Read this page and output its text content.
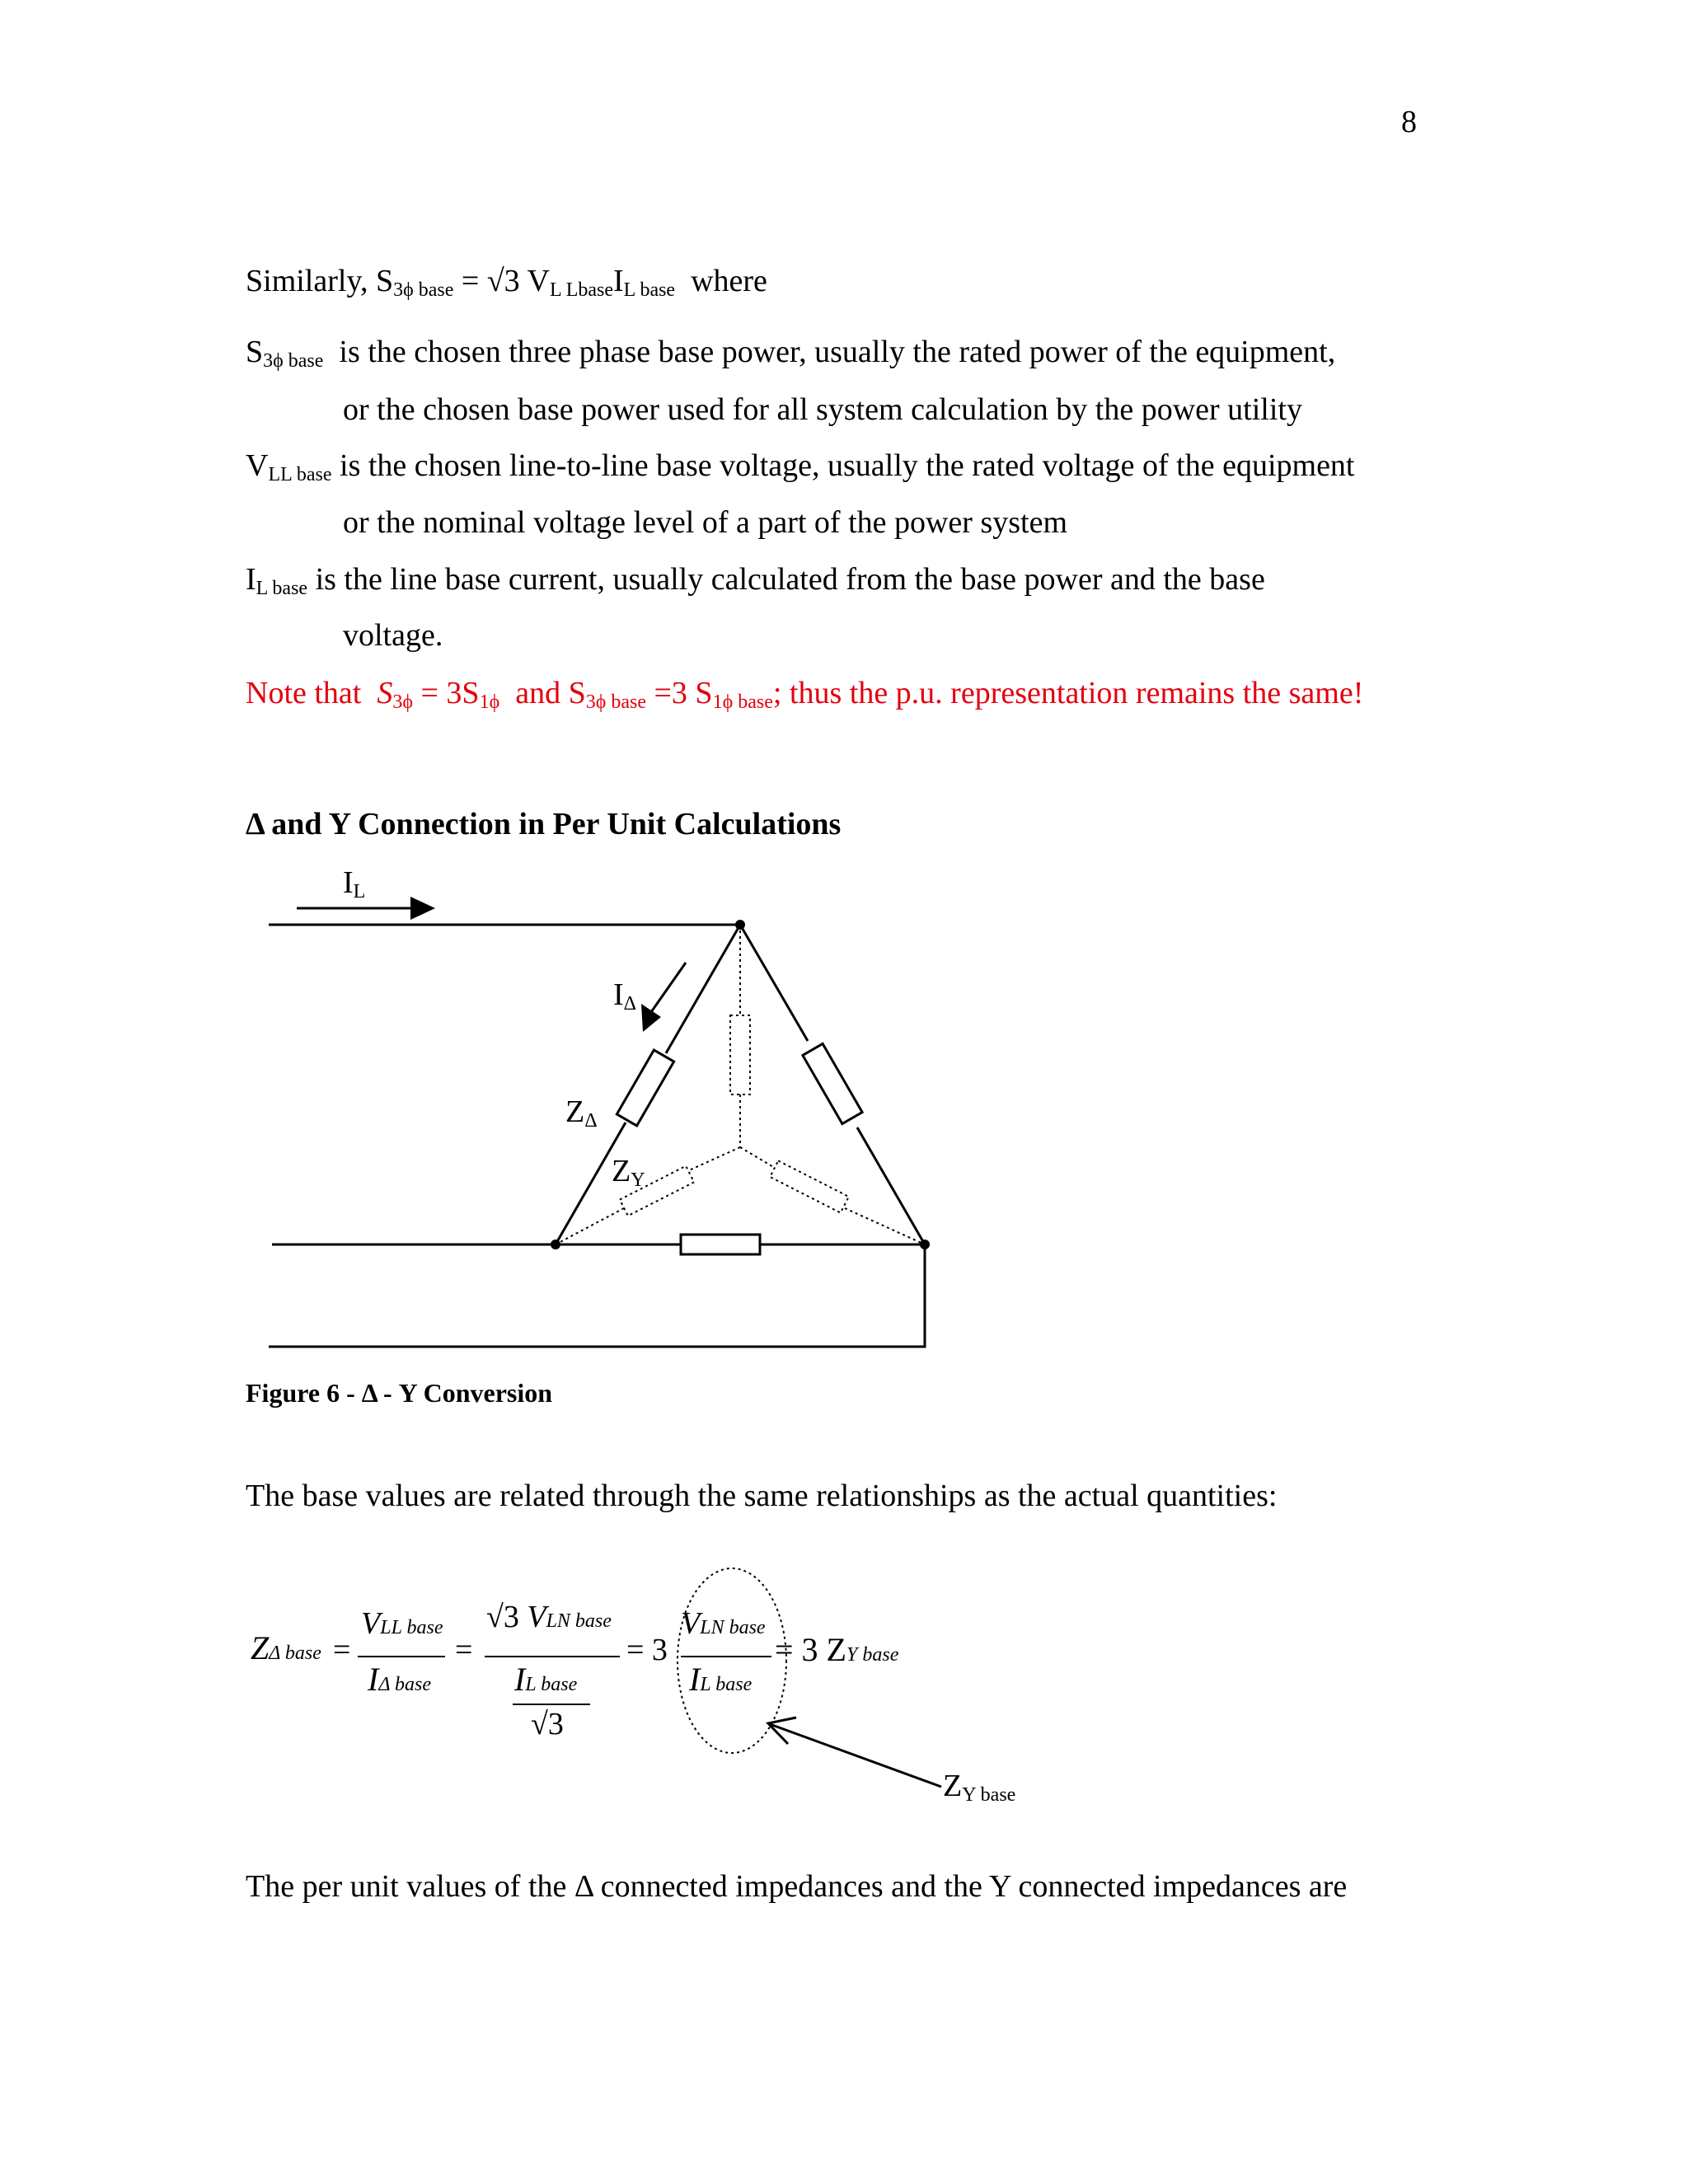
8
Similarly, $S_{3\phi base} = √3$ $V_{L Lbase}I_{L base}$ where
$S_{3\phi base}$ is the chosen three phase base power, usually the rated power of the equipment,
or the chosen base power used for all system calculation by the power utility
$V_{LL base}$ is the chosen line-to-line base voltage, usually the rated voltage of the equipment
or the nominal voltage level of a part of the power system
$I_{L base}$ is the line base current, usually calculated from the base power and the base
voltage.
Note that $S_{3\phi} = 3S_{1\phi}$ and $S_{3\phi base} =3$ $S_{1\phi base}$; thus the p.u. representation remains the same!
Δ and Y Connection in Per Unit Calculations
$I_L$
$I_\Delta$
$Z_\Delta$
$Z_Y$
Figure 6 - Δ - Y Conversion
The base values are related through the same relationships as the actual quantities:
ZΔ base =
VLL base
IΔ base
=
√3 VLN base
IL base
√3
= 3
VLN base
IL base
= 3 ZY base
$Z_{Y base}$
The per unit values of the Δ connected impedances and the Y connected impedances are
